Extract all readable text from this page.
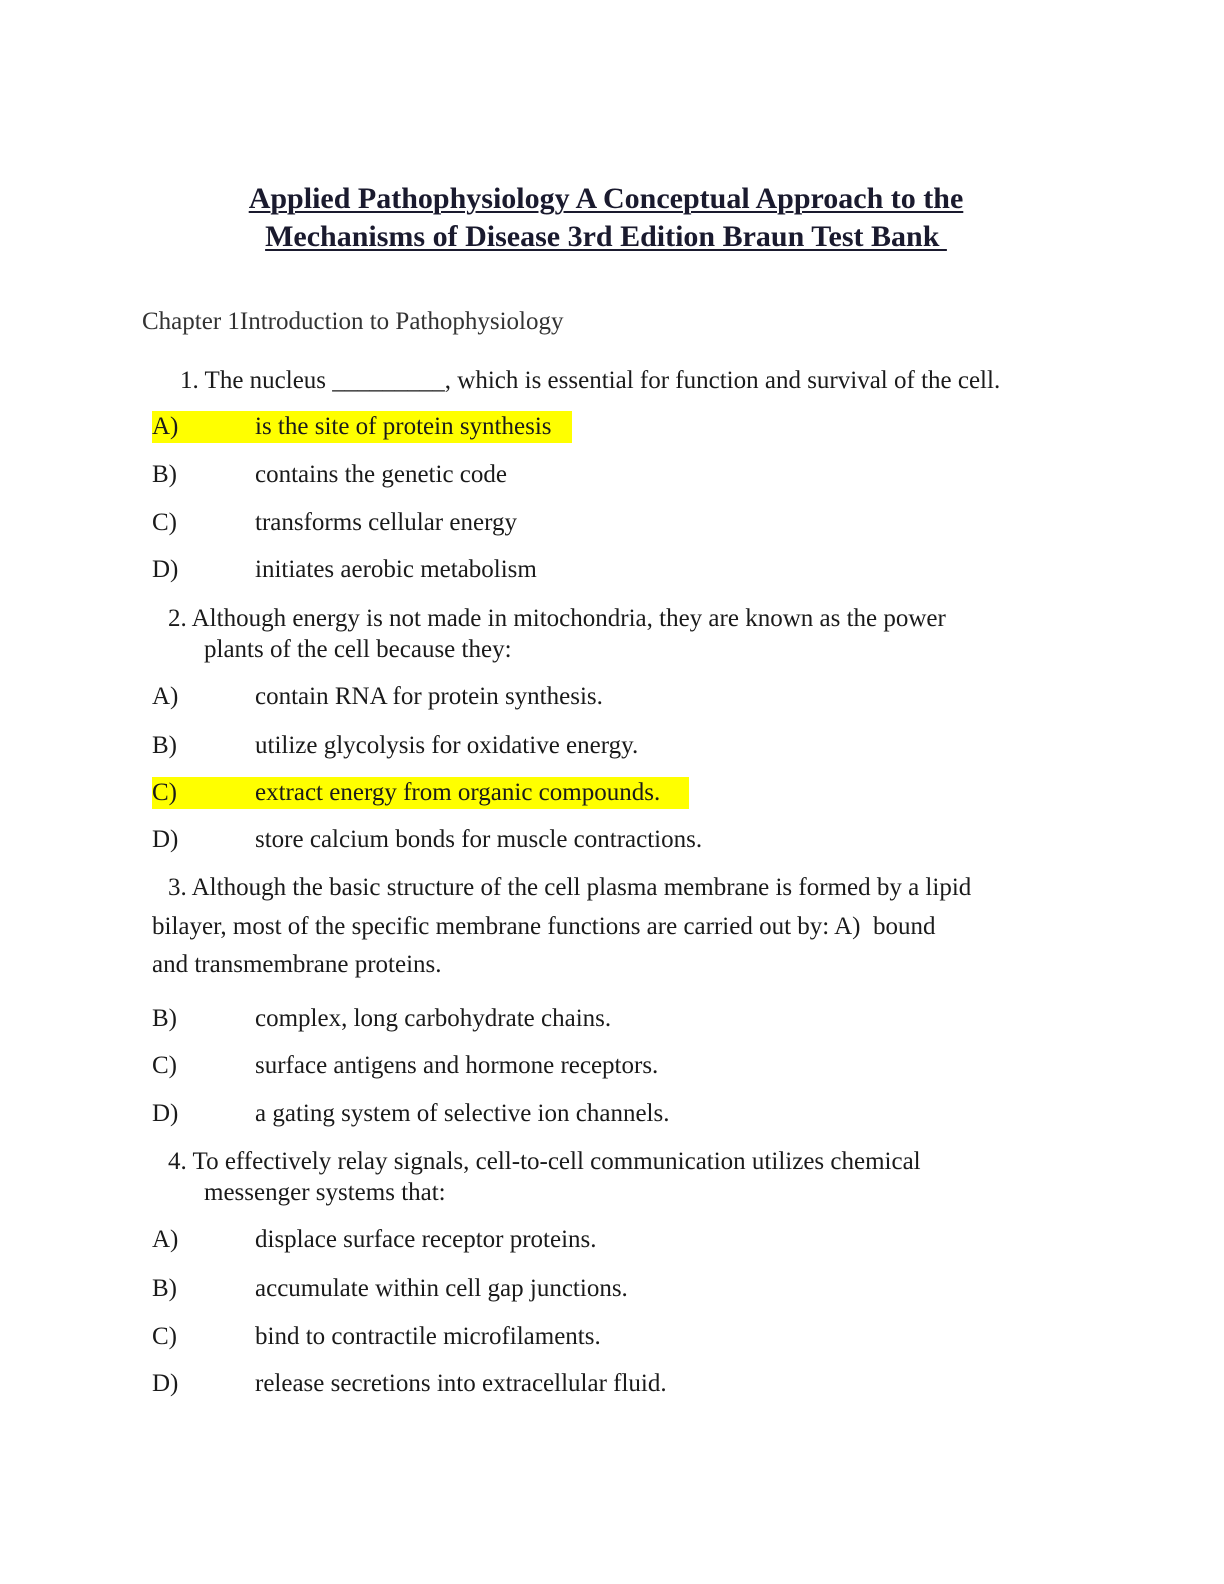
Applied Pathophysiology A Conceptual Approach to the
Mechanisms of Disease 3rd Edition Braun Test Bank
Chapter 1Introduction to Pathophysiology
1. The nucleus _________, which is essential for function and survival of the cell.

A)

	is the site of protein synthesis

B)

	contains the genetic code

C)

	transforms cellular energy

D)

	initiates aerobic metabolism

2. Although energy is not made in mitochondria, they are known as the power
plants of the cell because they:

A)

	contain RNA for protein synthesis.

B)

	utilize glycolysis for oxidative energy.

C)

	extract energy from organic compounds.

D)

	store calcium bonds for muscle contractions.

3. Although the basic structure of the cell plasma membrane is formed by a lipid
bilayer, most of the specific membrane functions are carried out by: A)  bound
and transmembrane proteins.

B)

	complex, long carbohydrate chains.

C)

	surface antigens and hormone receptors.

D)

	a gating system of selective ion channels.

4. To effectively relay signals, cell-to-cell communication utilizes chemical
messenger systems that:

A)

	displace surface receptor proteins.

B)

	accumulate within cell gap junctions.

C)

	bind to contractile microfilaments.

D)

	release secretions into extracellular fluid.
